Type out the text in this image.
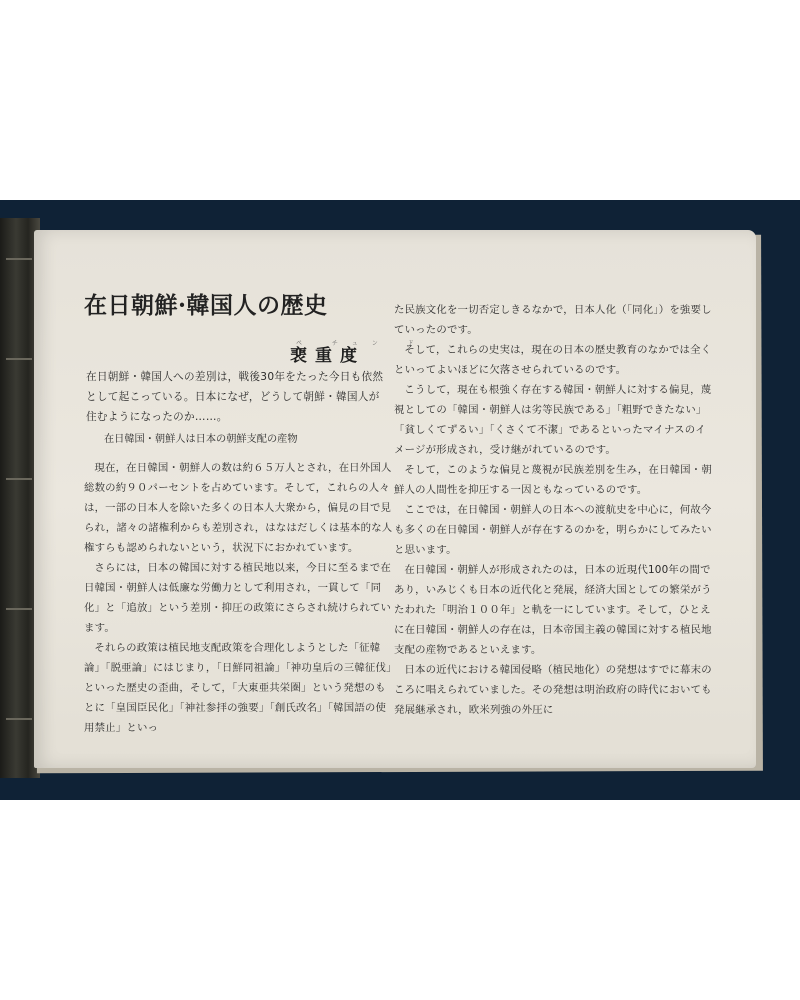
在日朝鮮·韓国人の歴史
ペ チュン ド
裵重度

在日朝鮮・韓国人への差別は，戦後30年をたった今日も依然として起こっている。日本になぜ，どうして朝鮮・韓国人が住むようになったのか……。

在日韓国・朝鮮人は日本の朝鮮支配の産物

現在，在日韓国・朝鮮人の数は約６５万人とされ，在日外国人総数の約９０パーセントを占めています。そして，これらの人々は，一部の日本人を除いた多くの日本人大衆から，偏見の目で見られ，諸々の諸権利からも差別され，はなはだしくは基本的な人権すらも認められないという，状況下におかれています。

さらには，日本の韓国に対する植民地以来，今日に至るまで在日韓国・朝鮮人は低廉な労働力として利用され，一貫して「同化」と「追放」という差別・抑圧の政策にさらされ続けられています。

それらの政策は植民地支配政策を合理化しようとした「征韓論」「脱亜論」にはじまり，「日鮮同祖論」「神功皇后の三韓征伐」といった歴史の歪曲，そして，「大東亜共栄圏」という発想のもとに「皇国臣民化」「神社参拝の強要」「創氏改名」「韓国語の使用禁止」といっ

た民族文化を一切否定しきるなかで，日本人化（「同化」）を強要していったのです。

そして，これらの史実は，現在の日本の歴史教育のなかでは全くといってよいほどに欠落させられているのです。

こうして，現在も根強く存在する韓国・朝鮮人に対する偏見，蔑視としての「韓国・朝鮮人は劣等民族である」「粗野できたない」「貧しくてずるい」「くさくて不潔」であるといったマイナスのイメージが形成され，受け継がれているのです。

そして，このような偏見と蔑視が民族差別を生み，在日韓国・朝鮮人の人間性を抑圧する一因ともなっているのです。

ここでは，在日韓国・朝鮮人の日本への渡航史を中心に，何故今も多くの在日韓国・朝鮮人が存在するのかを，明らかにしてみたいと思います。

在日韓国・朝鮮人が形成されたのは，日本の近現代100年の間であり，いみじくも日本の近代化と発展，経済大国としての繁栄がうたわれた「明治１００年」と軌を一にしています。そして，ひとえに在日韓国・朝鮮人の存在は，日本帝国主義の韓国に対する植民地支配の産物であるといえます。

日本の近代における韓国侵略（植民地化）の発想はすでに幕末のころに唱えられていました。その発想は明治政府の時代においても発展継承され，欧米列強の外圧に
